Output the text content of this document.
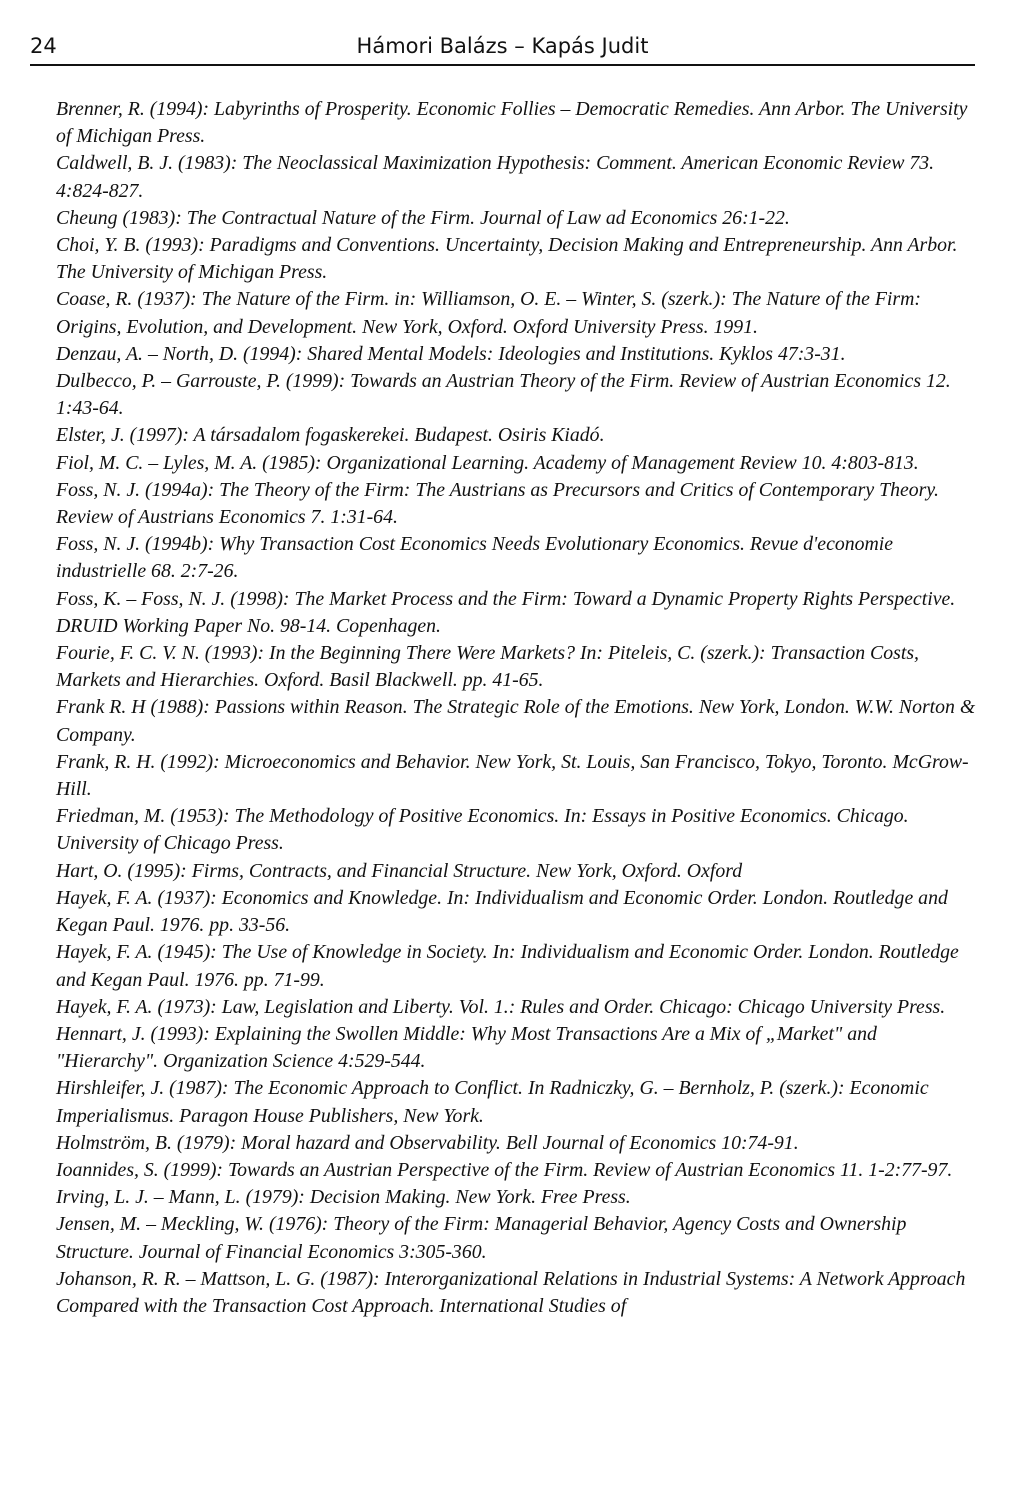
24	Hámori Balázs – Kapás Judit

Brenner, R. (1994): Labyrinths of Prosperity. Economic Follies – Democratic Remedies. Ann Arbor. The University of Michigan Press.

Caldwell, B. J. (1983): The Neoclassical Maximization Hypothesis: Comment. American Economic Review 73. 4:824-827.

Cheung (1983): The Contractual Nature of the Firm. Journal of Law ad Economics 26:1-22.

Choi, Y. B. (1993): Paradigms and Conventions. Uncertainty, Decision Making and Entrepreneurship. Ann Arbor. The University of Michigan Press.

Coase, R. (1937): The Nature of the Firm. in: Williamson, O. E. – Winter, S. (szerk.): The Nature of the Firm: Origins, Evolution, and Development. New York, Oxford. Oxford University Press. 1991.

Denzau, A. – North, D. (1994): Shared Mental Models: Ideologies and Institutions. Kyklos 47:3-31.

Dulbecco, P. – Garrouste, P. (1999): Towards an Austrian Theory of the Firm. Review of Austrian Economics 12. 1:43-64.

Elster, J. (1997): A társadalom fogaskerekei. Budapest. Osiris Kiadó.

Fiol, M. C. – Lyles, M. A. (1985): Organizational Learning. Academy of Management Review 10. 4:803-813.

Foss, N. J. (1994a): The Theory of the Firm: The Austrians as Precursors and Critics of Contemporary Theory. Review of Austrians Economics 7. 1:31-64.

Foss, N. J. (1994b): Why Transaction Cost Economics Needs Evolutionary Economics. Revue d'economie industrielle 68. 2:7-26.

Foss, K. – Foss, N. J. (1998): The Market Process and the Firm: Toward a Dynamic Property Rights Perspective. DRUID Working Paper No. 98-14. Copenhagen.

Fourie, F. C. V. N. (1993): In the Beginning There Were Markets? In: Piteleis, C. (szerk.): Transaction Costs, Markets and Hierarchies. Oxford. Basil Blackwell. pp. 41-65.

Frank R. H (1988): Passions within Reason. The Strategic Role of the Emotions. New York, London. W.W. Norton & Company.

Frank, R. H. (1992): Microeconomics and Behavior. New York, St. Louis, San Francisco, Tokyo, Toronto. McGrow-Hill.

Friedman, M. (1953): The Methodology of Positive Economics. In: Essays in Positive Economics. Chicago. University of Chicago Press.

Hart, O. (1995): Firms, Contracts, and Financial Structure. New York, Oxford. Oxford

Hayek, F. A. (1937): Economics and Knowledge. In: Individualism and Economic Order. London. Routledge and Kegan Paul. 1976. pp. 33-56.

Hayek, F. A. (1945): The Use of Knowledge in Society. In: Individualism and Economic Order. London. Routledge and Kegan Paul. 1976. pp. 71-99.

Hayek, F. A. (1973): Law, Legislation and Liberty. Vol. 1.: Rules and Order. Chicago: Chicago University Press.

Hennart, J. (1993): Explaining the Swollen Middle: Why Most Transactions Are a Mix of „Market" and "Hierarchy". Organization Science 4:529-544.

Hirshleifer, J. (1987): The Economic Approach to Conflict. In Radniczky, G. – Bernholz, P. (szerk.): Economic Imperialismus. Paragon House Publishers, New York.

Holmström, B. (1979): Moral hazard and Observability. Bell Journal of Economics 10:74-91.

Ioannides, S. (1999): Towards an Austrian Perspective of the Firm. Review of Austrian Economics 11. 1-2:77-97.

Irving, L. J. – Mann, L. (1979): Decision Making. New York. Free Press.

Jensen, M. – Meckling, W. (1976): Theory of the Firm: Managerial Behavior, Agency Costs and Ownership Structure. Journal of Financial Economics 3:305-360.

Johanson, R. R. – Mattson, L. G. (1987): Interorganizational Relations in Industrial Systems: A Network Approach Compared with the Transaction Cost Approach. International Studies of
